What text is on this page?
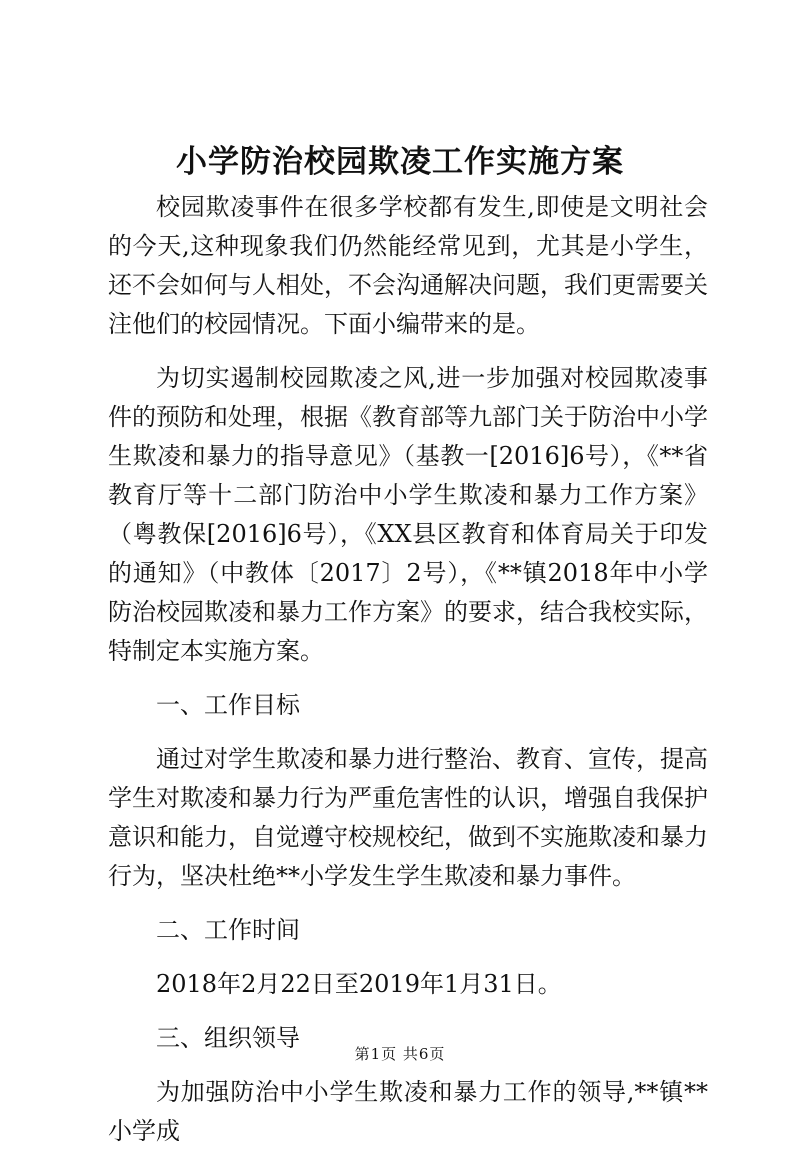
小学防治校园欺凌工作实施方案

校园欺凌事件在很多学校都有发生,即使是文明社会的今天,这种现象我们仍然能经常见到，尤其是小学生，还不会如何与人相处，不会沟通解决问题，我们更需要关注他们的校园情况。下面小编带来的是。

为切实遏制校园欺凌之风,进一步加强对校园欺凌事件的预防和处理，根据《教育部等九部门关于防治中小学生欺凌和暴力的指导意见》（基教一[2016]6号），《**省教育厅等十二部门防治中小学生欺凌和暴力工作方案》（粤教保[2016]6号），《XX县区教育和体育局关于印发的通知》（中教体〔2017〕2号），《**镇2018年中小学防治校园欺凌和暴力工作方案》的要求，结合我校实际，特制定本实施方案。

一、工作目标

通过对学生欺凌和暴力进行整治、教育、宣传，提高学生对欺凌和暴力行为严重危害性的认识，增强自我保护意识和能力，自觉遵守校规校纪，做到不实施欺凌和暴力行为，坚决杜绝**小学发生学生欺凌和暴力事件。

二、工作时间

2018年2月22日至2019年1月31日。

三、组织领导

为加强防治中小学生欺凌和暴力工作的领导,**镇**小学成

第1页 共6页
